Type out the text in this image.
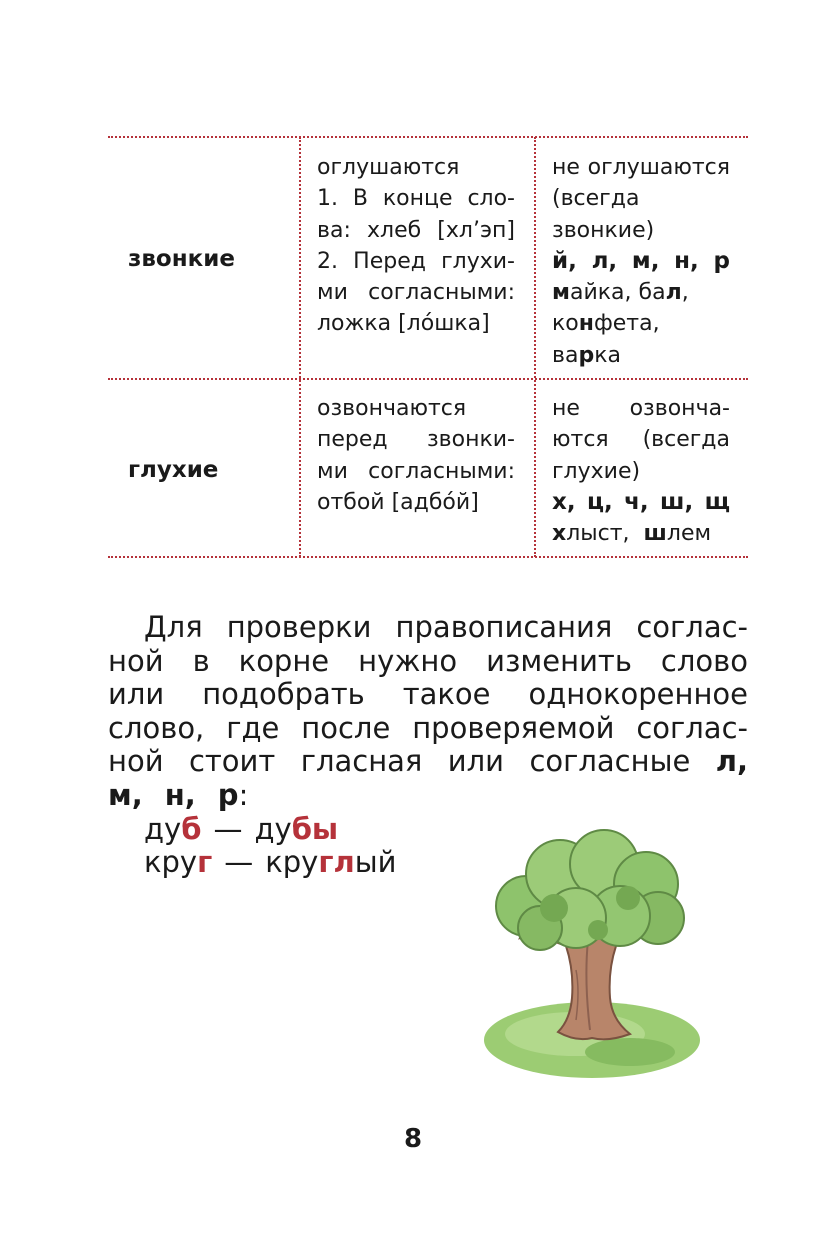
звонкие
оглушаются
1. В конце сло-
ва: хлеб [хл’эп]
2. Перед глухи-
ми согласными:
ложка [ло́шка]
не оглушаются
(всегда
звонкие)
й, л, м, н, р
майка, бал,
конфета,
варка
глухие
озвончаются
перед звонки-
ми согласными:
отбой [адбо́й]
не озвонча-
ются (всегда
глухие)
х, ц, ч, ш, щ
хлыст, шлем
Для проверки правописания соглас-
ной в корне нужно изменить слово
или подобрать такое однокоренное
слово, где после проверяемой соглас-
ной стоит гласная или согласные л,
м, н, р:
дуб — дубы
круг — круглый
8
